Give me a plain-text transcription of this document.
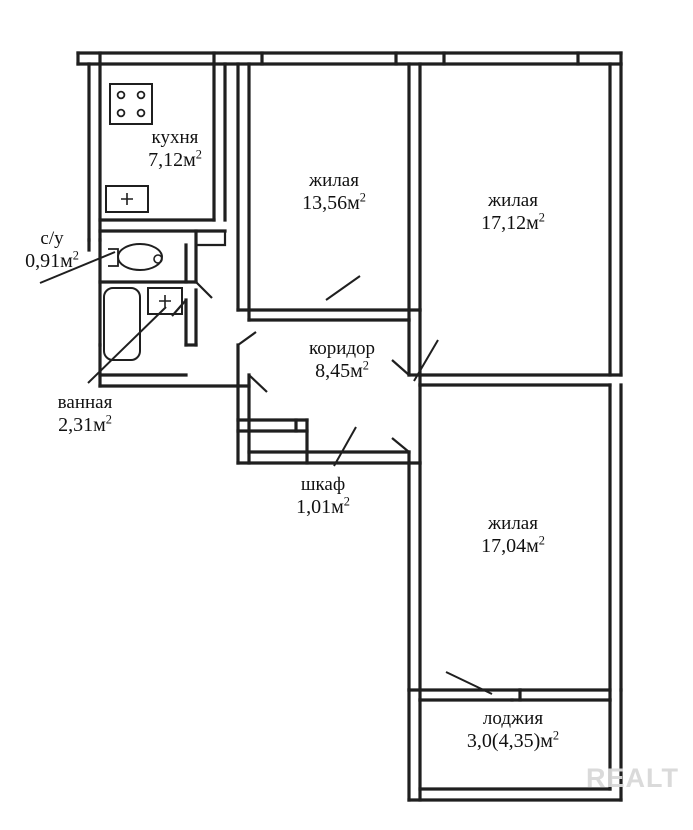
кухня
$7,12м^2$
с/у
$0,91м^2$
ванная
$2,31м^2$
жилая
$13,56м^2$	жилая
$17,12м^2$
коридор
$8,45м^2$
шкаф
$1,01м^2$
жилая
$17,04м^2$
лоджия
$3,0(4,35)м^2$
REALT
